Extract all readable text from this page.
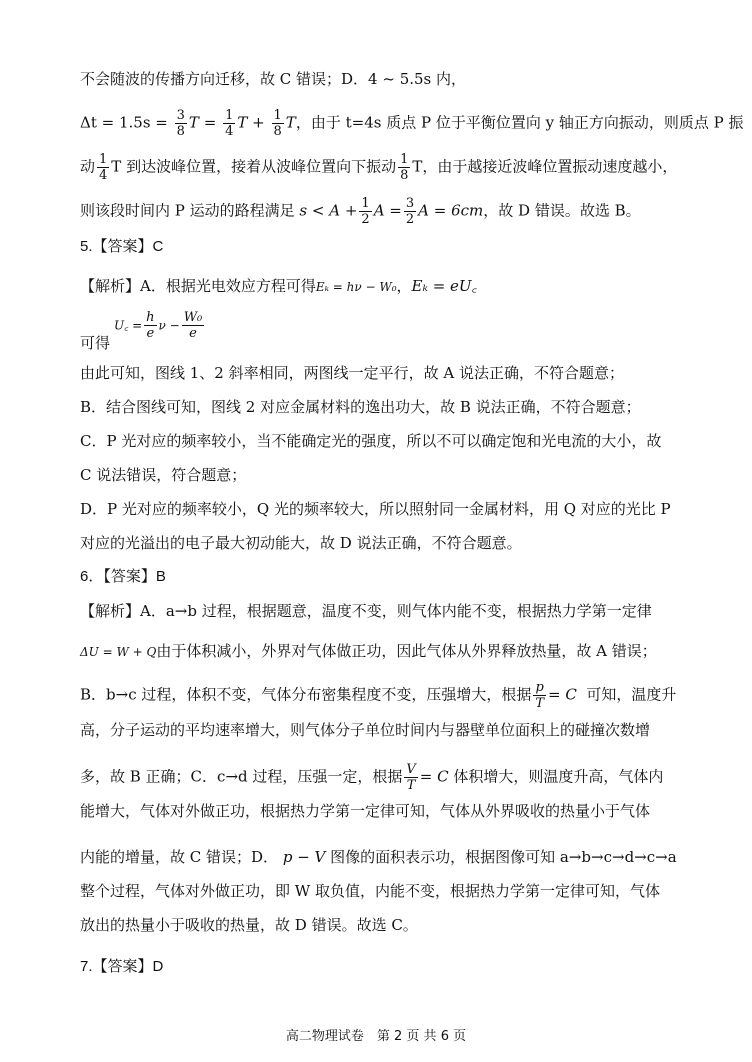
不会随波的传播方向迁移，故 C 错误；D．4 ~ 5.5s 内，
$\Delta t = 1.5s = \frac{3}{8}$ $T = \frac{1}{4}$ $T + \frac{1}{8}$ T，由于 t=4s 质点 P 位于平衡位置向 y 轴正方向振动，则质点 P 振
动 $\frac{1}{4}$ T 到达波峰位置，接着从波峰位置向下振动 $\frac{1}{8}$ T，由于越接近波峰位置振动速度越小，
则该段时间内 P 运动的路程满足 $s < A + \frac{1}{2}$ $A = \frac{3}{2}$ A = 6cm，故 D 错误。故选 B。
5.【答案】C
【解析】A．根据光电效应方程可得Eₖ = hν − W₀，Eₖ = eU꜀
可得
U꜀ = $\frac{h}{e}$ $\nu - \frac{\text{W₀}}{e}$
由此可知，图线 1、2 斜率相同，两图线一定平行，故 A 说法正确，不符合题意；
B．结合图线可知，图线 2 对应金属材料的逸出功大，故 B 说法正确，不符合题意；
C．P 光对应的频率较小，当不能确定光的强度，所以不可以确定饱和光电流的大小，故
C 说法错误，符合题意；
D．P 光对应的频率较小，Q 光的频率较大，所以照射同一金属材料，用 Q 对应的光比 P
对应的光溢出的电子最大初动能大，故 D 说法正确，不符合题意。
6．【答案】B
【解析】A．a→b 过程，根据题意，温度不变，则气体内能不变，根据热力学第一定律
ΔU = W + Q由于体积减小，外界对气体做正功，因此气体从外界释放热量，故 A 错误；
B．b→c 过程，体积不变，气体分布密集程度不变，压强增大，根据 $\frac{p}{T} = C$ 可知，温度升
高，分子运动的平均速率增大，则气体分子单位时间内与器壁单位面积上的碰撞次数增
多，故 B 正确；C．c→d 过程，压强一定，根据 $\frac{V}{T} = C$ 体积增大，则温度升高，气体内
能增大，气体对外做正功，根据热力学第一定律可知，气体从外界吸收的热量小于气体
内能的增量，故 C 错误；D． p − V 图像的面积表示功，根据图像可知 a→b→c→d→c→a
整个过程，气体对外做正功，即 W 取负值，内能不变，根据热力学第一定律可知，气体
放出的热量小于吸收的热量，故 D 错误。故选 C。
7.【答案】D
高二物理试卷　第 2 页 共 6 页
